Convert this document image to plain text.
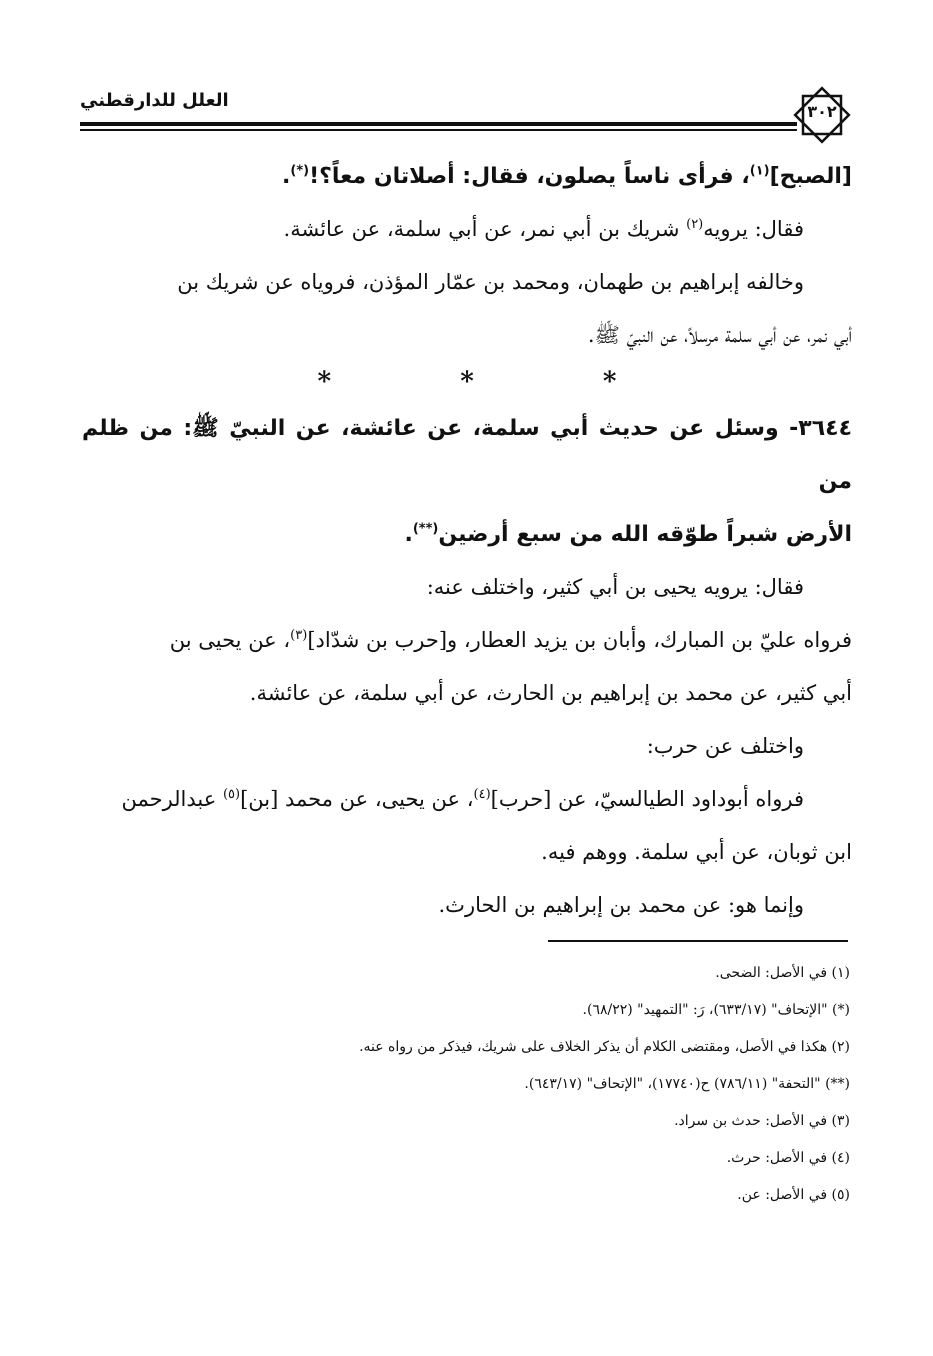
العلل للدارقطني
٣٠٢

[الصبح]$^{(١)}$، فرأى ناساً يصلون، فقال: أصلاتان معاً؟!(*).

فقال: يرويه$^{(٢)}$ شريك بن أبي نمر، عن أبي سلمة، عن عائشة.

وخالفه إبراهيم بن طهمان، ومحمد بن عمّار المؤذن، فروياه عن شريك بن

أبي نمر، عن أبي سلمة مرسلاً، عن النبيّ ﷺ.

* * *

٣٦٤٤- وسئل عن حديث أبي سلمة، عن عائشة، عن النبيّ ﷺ: من ظلم من

الأرض شبراً طوّقه الله من سبع أرضين(**).

فقال: يرويه يحيى بن أبي كثير، واختلف عنه:

فرواه عليّ بن المبارك، وأبان بن يزيد العطار، و[حرب بن شدّاد]$^{(٣)}$، عن يحيى بن

أبي كثير، عن محمد بن إبراهيم بن الحارث، عن أبي سلمة، عن عائشة.

واختلف عن حرب:

فرواه أبوداود الطيالسيّ، عن [حرب]$^{(٤)}$، عن يحيى، عن محمد [بن]$^{(٥)}$ عبدالرحمن

ابن ثوبان، عن أبي سلمة. ووهم فيه.

وإنما هو: عن محمد بن إبراهيم بن الحارث.

(١) في الأصل: الضحى.
(*) "الإتحاف" (٦٣٣/١٧)، رَ: "التمهيد" (٦٨/٢٢).
(٢) هكذا في الأصل، ومقتضى الكلام أن يذكر الخلاف على شريك، فيذكر من رواه عنه.
(**) "التحفة" (٧٨٦/١١) ح(١٧٧٤٠)، "الإتحاف" (٦٤٣/١٧).
(٣) في الأصل: حدث بن سراد.
(٤) في الأصل: حرث.
(٥) في الأصل: عن.
